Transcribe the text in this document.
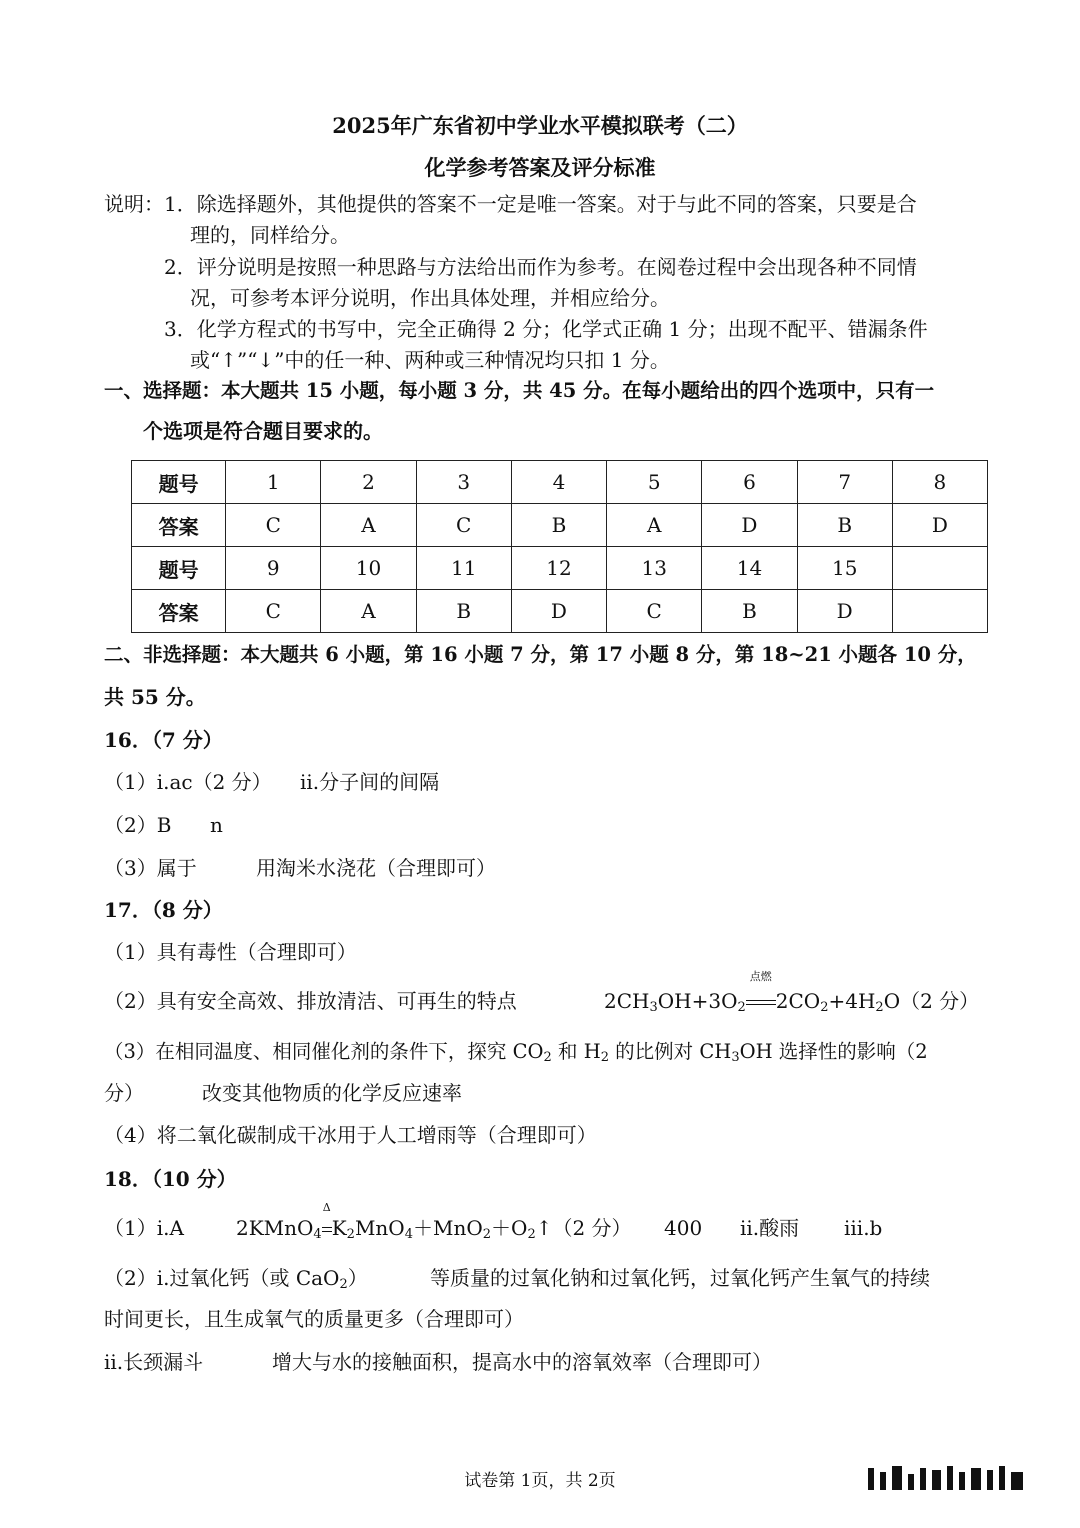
2025年广东省初中学业水平模拟联考（二）
化学参考答案及评分标准
说明： 1．除选择题外，其他提供的答案不一定是唯一答案。对于与此不同的答案，只要是合
理的，同样给分。
2．评分说明是按照一种思路与方法给出而作为参考。在阅卷过程中会出现各种不同情
况，可参考本评分说明，作出具体处理，并相应给分。
3．化学方程式的书写中，完全正确得 2 分；化学式正确 1 分；出现不配平、错漏条件
或“↑”“↓”中的任一种、两种或三种情况均只扣 1 分。
一、选择题：本大题共 15 小题，每小题 3 分，共 45 分。在每小题给出的四个选项中，只有一
个选项是符合题目要求的。
题号	1	2	3	4	5	6	7	8
答案	C	A	C	B	A	D	B	D
题号	9	10	11	12	13	14	15	
答案	C	A	B	D	C	B	D	
二、非选择题：本大题共 6 小题，第 16 小题 7 分，第 17 小题 8 分，第 18~21 小题各 10 分，
共 55 分。
16．（7 分）
（1）i.ac（2 分） ii.分子间的间隔
（2）B n
（3）属于	用淘米水浇花（合理即可）
17．（8 分）
（1）具有毒性（合理即可）
（2）具有安全高效、排放清洁、可再生的特点	$2CH_3OH+3O_2$
点燃
$2CO_2+4H_2O(2$ 分）
（3）在相同温度、相同催化剂的条件下，探究 $CO_2$ 和 $H_2$ 的比例对 $CH_3OH$ 选择性的影响（2
分）	改变其他物质的化学反应速率
（4）将二氧化碳制成干冰用于人工增雨等（合理即可）
18．（10 分）
（1）i.A	2KMnO$_4$
Δ
$K_2MnO_4+MnO_2+O_2↑(2$ 分） 400 ii.酸雨 iii.b
（2）i.过氧化钙（或 CaO$_2$）	等质量的过氧化钠和过氧化钙，过氧化钙产生氧气的持续
时间更长，且生成氧气的质量更多（合理即可）
ii.长颈漏斗	增大与水的接触面积，提高水中的溶氧效率（合理即可）
试卷第 1页，共 2页
